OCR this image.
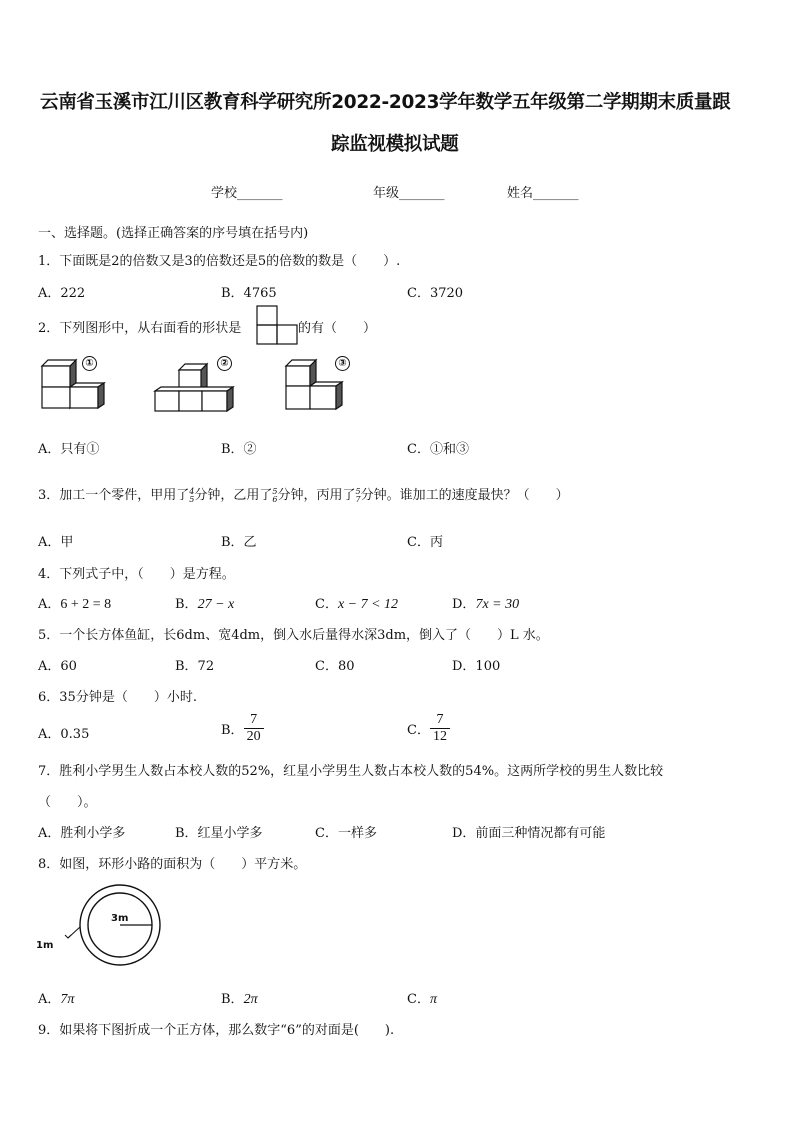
云南省玉溪市江川区教育科学研究所2022-2023学年数学五年级第二学期期末质量跟
踪监视模拟试题
学校_______	年级_______	姓名_______
一、选择题。(选择正确答案的序号填在括号内)
1．下面既是2的倍数又是3的倍数还是5的倍数的数是（　　）.
A．222	B．4765	C．3720
2．下列图形中，从右面看的形状是	的有（　　）
①	②	③
A．只有①	B．②	C．①和③
3．加工一个零件，甲用了 4
5 分钟，乙用了 5
6 分钟，丙用了 5
7 分钟。谁加工的速度最快？（　　）
A．甲	B．乙	C．丙
4．下列式子中，（　　）是方程。
A．6 + 2 = 8	B．27 − x	C．x − 7 < 12	D．7x = 30
5．一个长方体鱼缸，长6dm、宽4dm，倒入水后量得水深3dm，倒入了（　　）L 水。
A．60	B．72	C．80	D．100
6．35分钟是（　　）小时.
A．0.35	B． $\frac{7}{20}$	C． $\frac{7}{12}$
7．胜利小学男生人数占本校人数的52%，红星小学男生人数占本校人数的54%。这两所学校的男生人数比较
（　　）。
A．胜利小学多	B．红星小学多	C．一样多	D．前面三种情况都有可能
8．如图，环形小路的面积为（　　）平方米。
3m
1m
A．7π	B．2π	C．π
9．如果将下图折成一个正方体，那么数字“6”的对面是(　　).
